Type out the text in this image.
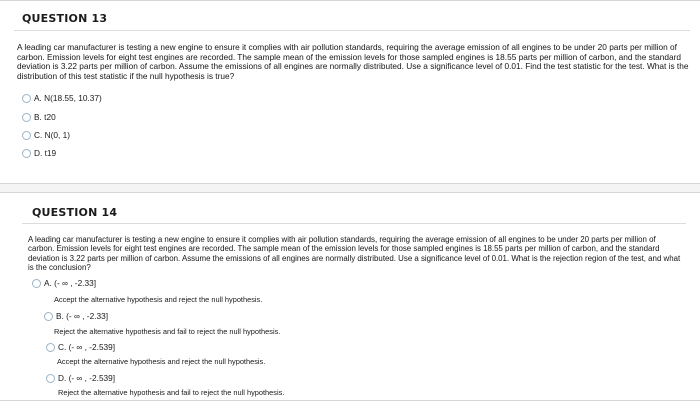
QUESTION 13
A leading car manufacturer is testing a new engine to ensure it complies with air pollution standards, requiring the average emission of all engines to be under 20 parts per million of carbon. Emission levels for eight test engines are recorded. The sample mean of the emission levels for those sampled engines is 18.55 parts per million of carbon, and the standard deviation is 3.22 parts per million of carbon. Assume the emissions of all engines are normally distributed. Use a significance level of 0.01. Find the test statistic for the test. What is the distribution of this test statistic if the null hypothesis is true?
A. N(18.55, 10.37)
B. t20
C. N(0, 1)
D. t19
QUESTION 14
A leading car manufacturer is testing a new engine to ensure it complies with air pollution standards, requiring the average emission of all engines to be under 20 parts per million of carbon. Emission levels for eight test engines are recorded. The sample mean of the emission levels for those sampled engines is 18.55 parts per million of carbon, and the standard deviation is 3.22 parts per million of carbon. Assume the emissions of all engines are normally distributed. Use a significance level of 0.01. What is the rejection region of the test, and what is the conclusion?
A. (- ∞ , -2.33]
Accept the alternative hypothesis and reject the null hypothesis.
B. (- ∞ , -2.33]
Reject the alternative hypothesis and fail to reject the null hypothesis.
C. (- ∞ , -2.539]
Accept the alternative hypothesis and reject the null hypothesis.
D. (- ∞ , -2.539]
Reject the alternative hypothesis and fail to reject the null hypothesis.
